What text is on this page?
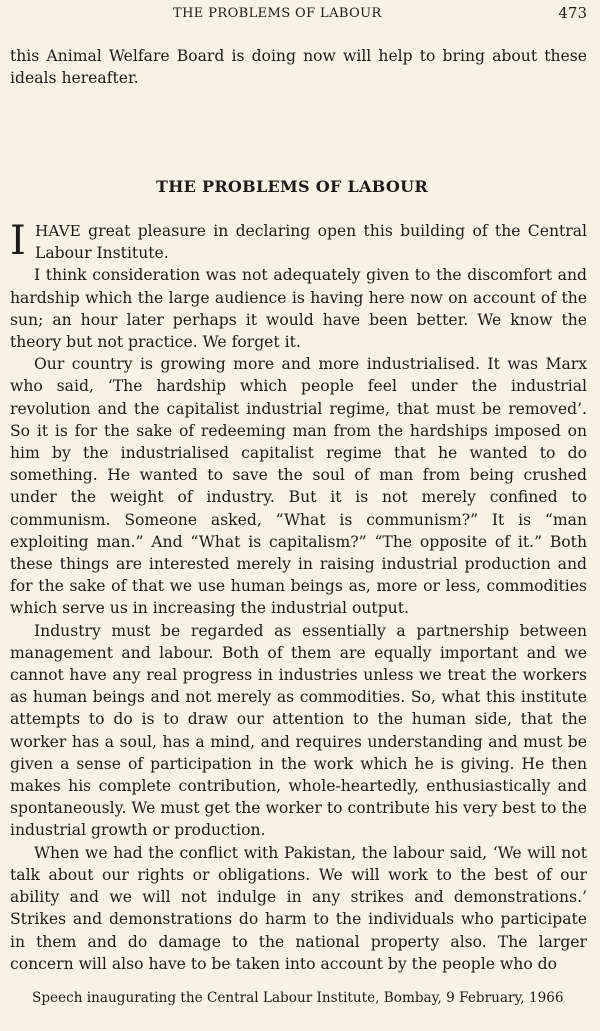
THE PROBLEMS OF LABOUR	473
this Animal Welfare Board is doing now will help to bring about these ideals hereafter.
THE PROBLEMS OF LABOUR

IHAVE great pleasure in declaring open this building of the Central Labour Institute.

I think consideration was not adequately given to the discomfort and hardship which the large audience is having here now on account of the sun; an hour later perhaps it would have been better. We know the theory but not practice. We forget it.

Our country is growing more and more industrialised. It was Marx who said, ‘The hardship which people feel under the industrial revolution and the capitalist industrial regime, that must be removed’. So it is for the sake of redeeming man from the hardships imposed on him by the industrialised capitalist regime that he wanted to do something. He wanted to save the soul of man from being crushed under the weight of industry. But it is not merely confined to communism. Someone asked, “What is communism?” It is “man exploiting man.” And “What is capitalism?” “The opposite of it.” Both these things are interested merely in raising industrial production and for the sake of that we use human beings as, more or less, commodities which serve us in increasing the industrial output.

Industry must be regarded as essentially a partnership between management and labour. Both of them are equally important and we cannot have any real progress in industries unless we treat the workers as human beings and not merely as commodities. So, what this institute attempts to do is to draw our attention to the human side, that the worker has a soul, has a mind, and requires understanding and must be given a sense of participation in the work which he is giving. He then makes his complete contribution, whole-heartedly, enthusiastically and spontaneously. We must get the worker to contribute his very best to the industrial growth or production.

When we had the conflict with Pakistan, the labour said, ‘We will not talk about our rights or obligations. We will work to the best of our ability and we will not indulge in any strikes and demonstrations.’ Strikes and demonstrations do harm to the individuals who participate in them and do damage to the national property also. The larger concern will also have to be taken into account by the people who do

Speech inaugurating the Central Labour Institute, Bombay, 9 February, 1966
